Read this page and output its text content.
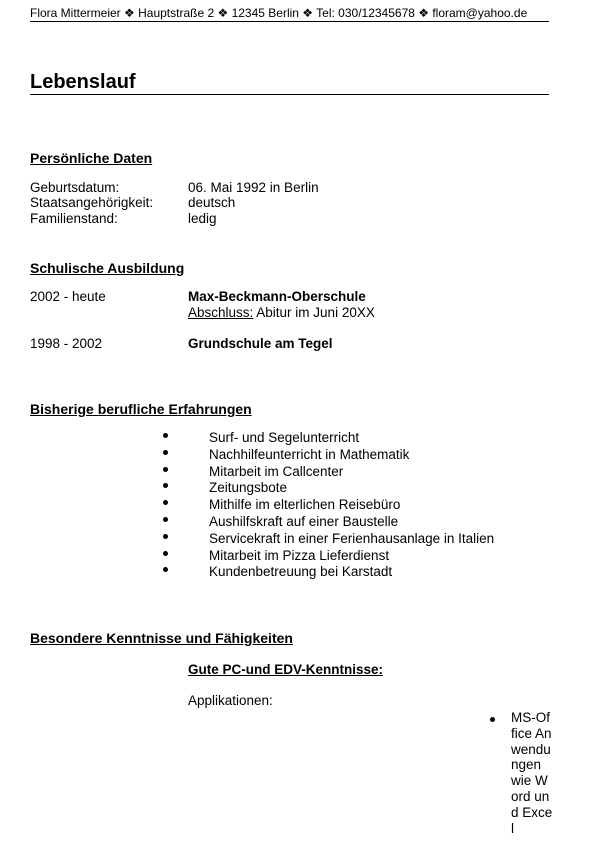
Flora Mittermeier ❖ Hauptstraße 2 ❖ 12345 Berlin ❖ Tel: 030/12345678 ❖ floram@yahoo.de
Lebenslauf
Persönliche Daten
Geburtsdatum:	06. Mai 1992 in Berlin
Staatsangehörigkeit:	deutsch
Familienstand:	ledig
Schulische Ausbildung
2002 - heute	Max-Beckmann-Oberschule
Abschluss: Abitur im Juni 20XX
1998 - 2002	Grundschule am Tegel
Bisherige berufliche Erfahrungen
Surf- und Segelunterricht
Nachhilfeunterricht in Mathematik
Mitarbeit im Callcenter
Zeitungsbote
Mithilfe im elterlichen Reisebüro
Aushilfskraft auf einer Baustelle
Servicekraft in einer Ferienhausanlage in Italien
Mitarbeit im Pizza Lieferdienst
Kundenbetreuung bei Karstadt
Besondere Kenntnisse und Fähigkeiten
Gute PC-und EDV-Kenntnisse:
Applikationen:
MS-Office Anwendungen wie Word und Excel
